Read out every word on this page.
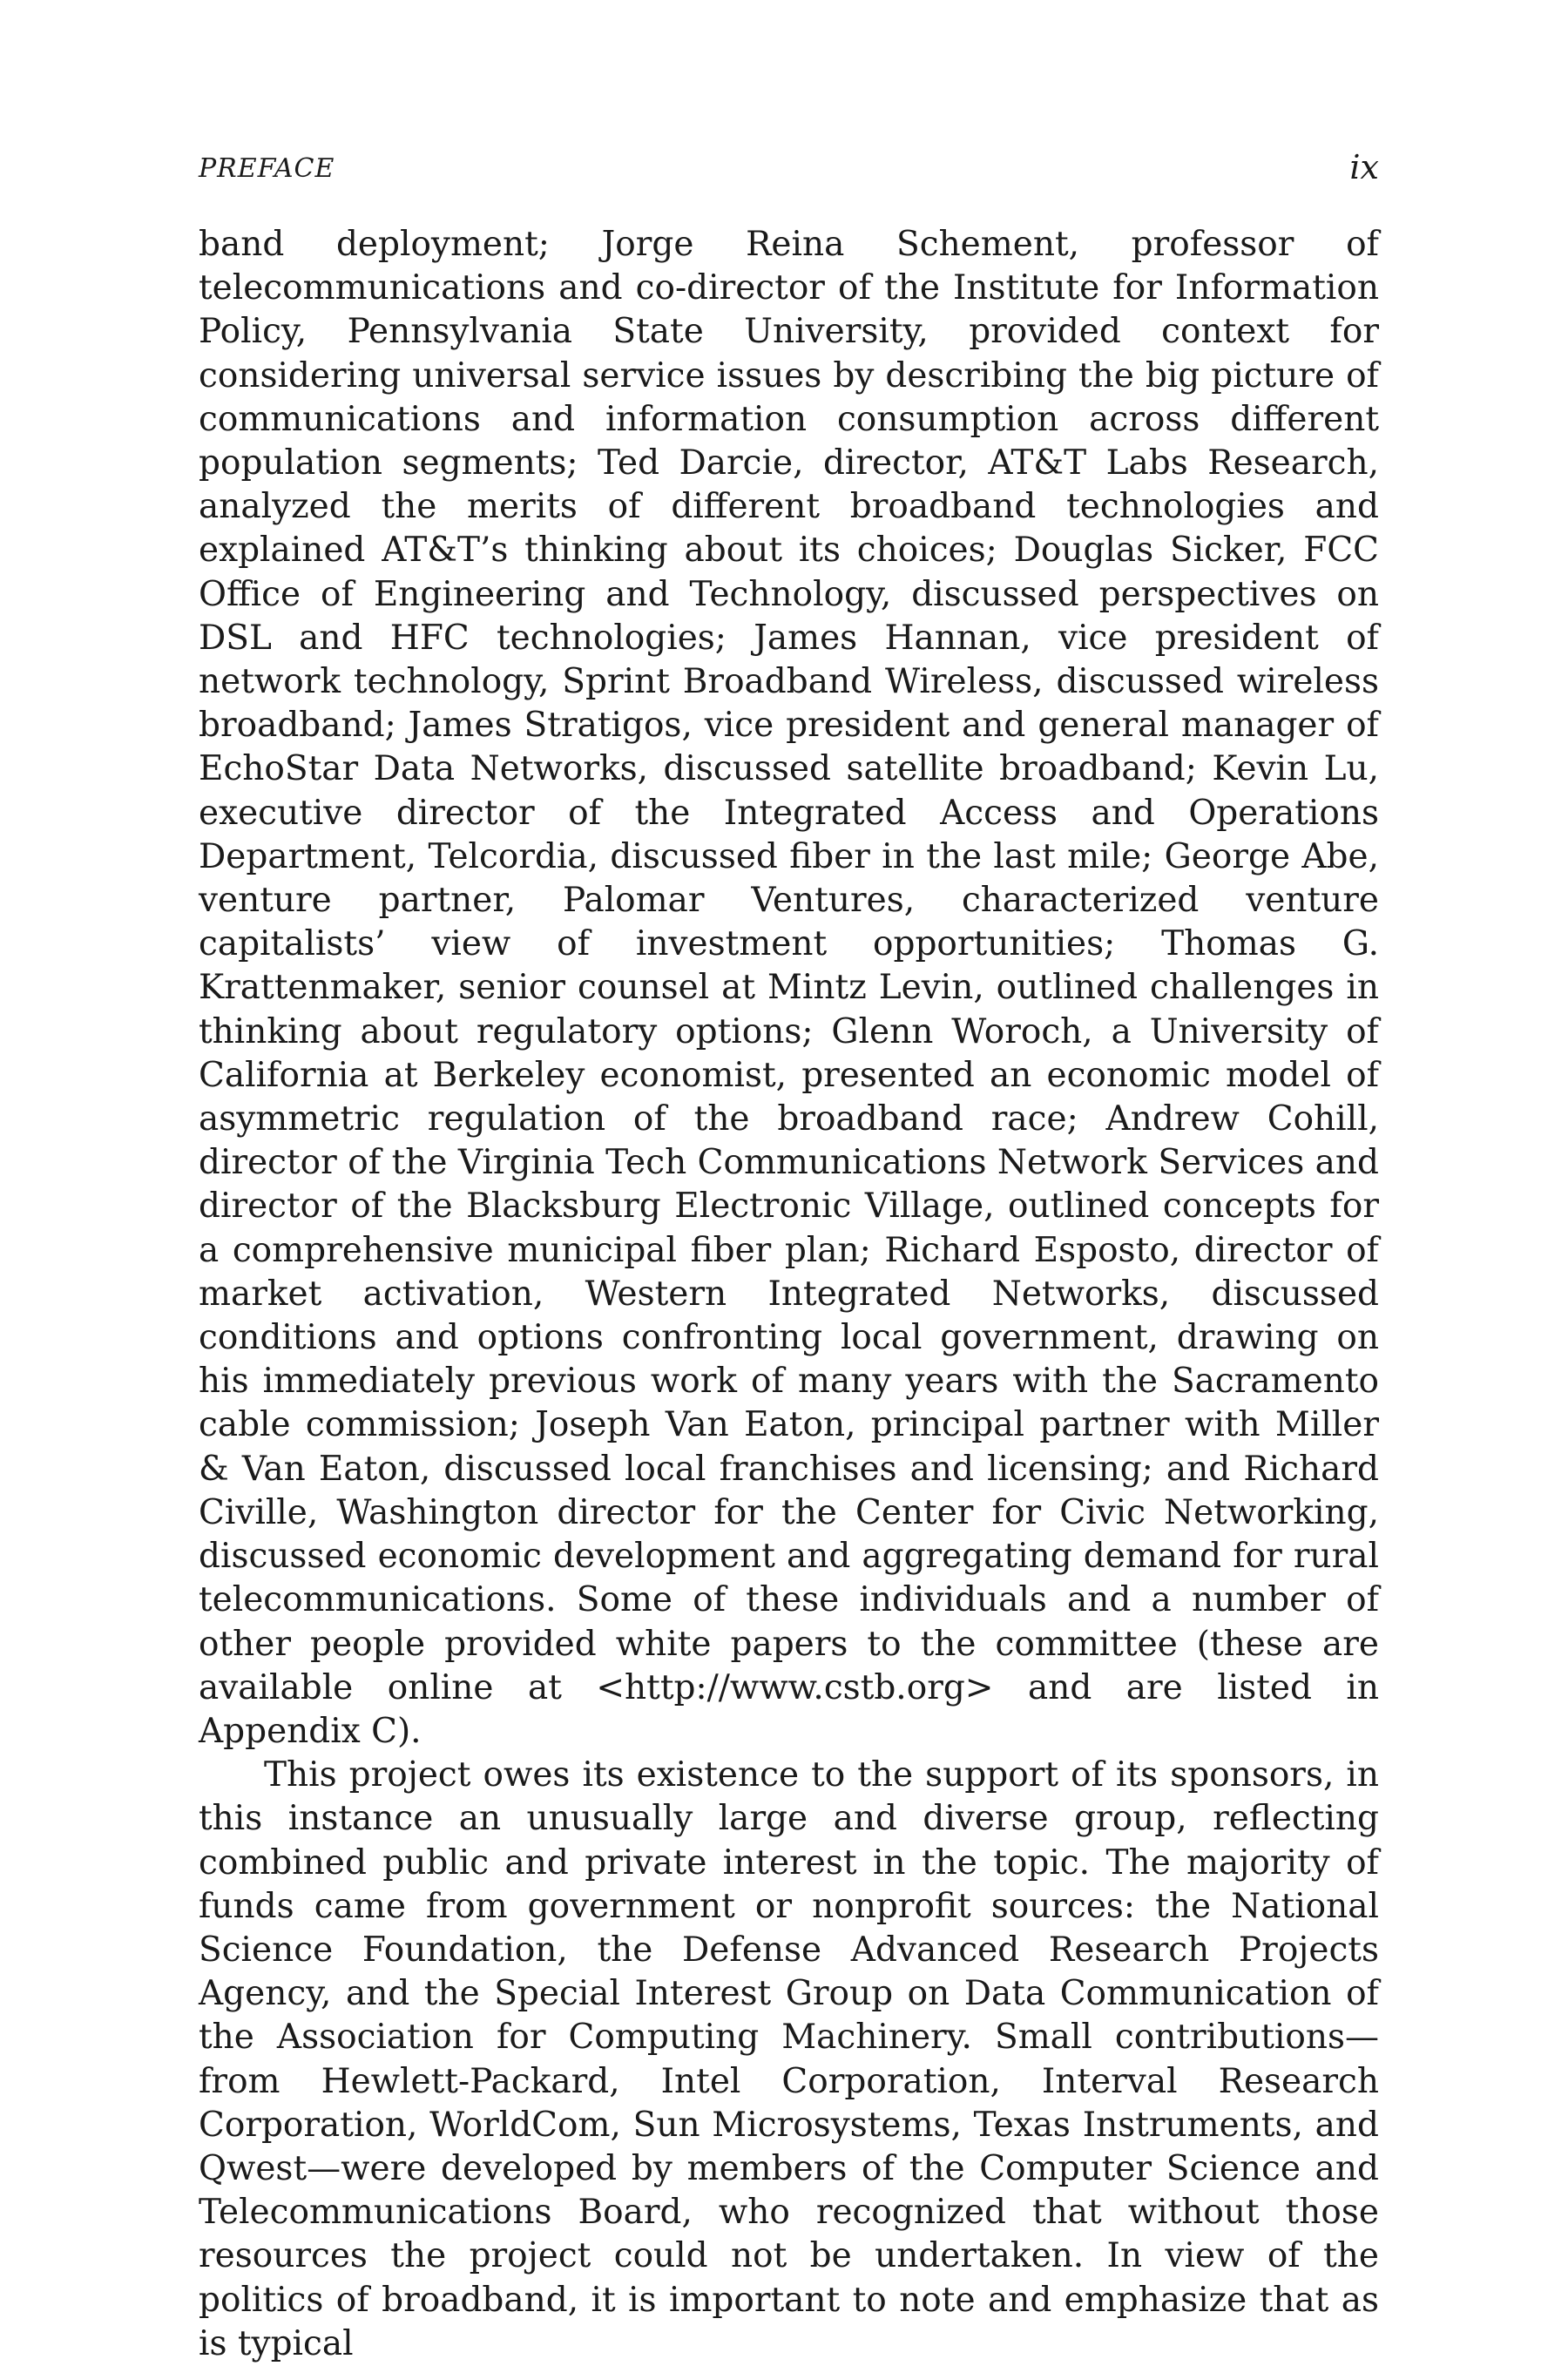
PREFACE	ix

band deployment; Jorge Reina Schement, professor of telecommunications and co-director of the Institute for Information Policy, Pennsylvania State University, provided context for considering universal service issues by describing the big picture of communications and information consumption across different population segments; Ted Darcie, director, AT&T Labs Research, analyzed the merits of different broadband technologies and explained AT&T’s thinking about its choices; Douglas Sicker, FCC Office of Engineering and Technology, discussed perspectives on DSL and HFC technologies; James Hannan, vice president of network technology, Sprint Broadband Wireless, discussed wireless broadband; James Stratigos, vice president and general manager of EchoStar Data Networks, discussed satellite broadband; Kevin Lu, executive director of the Integrated Access and Operations Department, Telcordia, discussed fiber in the last mile; George Abe, venture partner, Palomar Ventures, characterized venture capitalists’ view of investment opportunities; Thomas G. Krattenmaker, senior counsel at Mintz Levin, outlined challenges in thinking about regulatory options; Glenn Woroch, a University of California at Berkeley economist, presented an economic model of asymmetric regulation of the broadband race; Andrew Cohill, director of the Virginia Tech Communications Network Services and director of the Blacksburg Electronic Village, outlined concepts for a comprehensive municipal fiber plan; Richard Esposto, director of market activation, Western Integrated Networks, discussed conditions and options confronting local government, drawing on his immediately previous work of many years with the Sacramento cable commission; Joseph Van Eaton, principal partner with Miller & Van Eaton, discussed local franchises and licensing; and Richard Civille, Washington director for the Center for Civic Networking, discussed economic development and aggregating demand for rural telecommunications. Some of these individuals and a number of other people provided white papers to the committee (these are available online at <http://www.cstb.org> and are listed in Appendix C).

This project owes its existence to the support of its sponsors, in this instance an unusually large and diverse group, reflecting combined public and private interest in the topic. The majority of funds came from government or nonprofit sources: the National Science Foundation, the Defense Advanced Research Projects Agency, and the Special Interest Group on Data Communication of the Association for Computing Machinery. Small contributions—from Hewlett-Packard, Intel Corporation, Interval Research Corporation, WorldCom, Sun Microsystems, Texas Instruments, and Qwest—were developed by members of the Computer Science and Telecommunications Board, who recognized that without those resources the project could not be undertaken. In view of the politics of broadband, it is important to note and emphasize that as is typical
